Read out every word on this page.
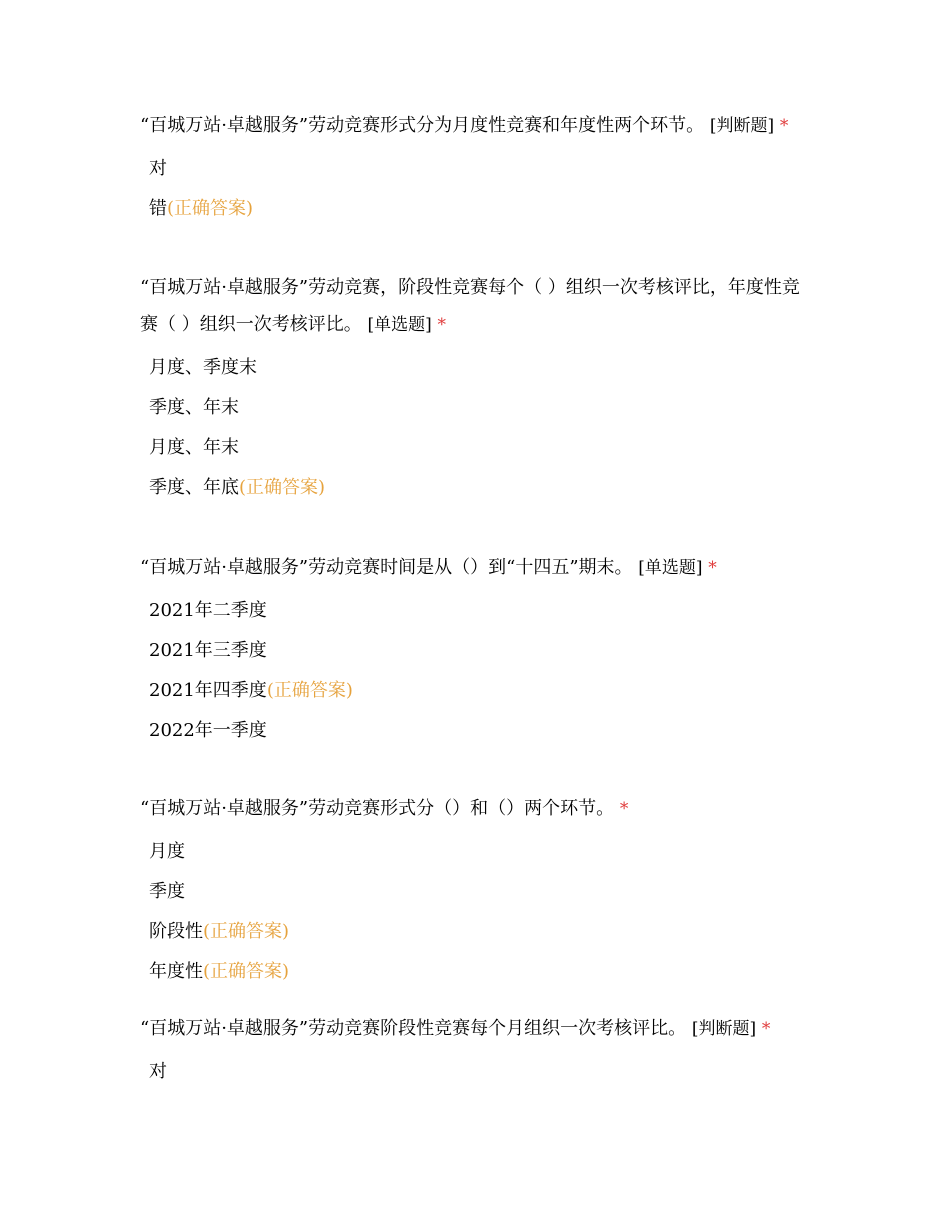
“百城万站·卓越服务”劳动竞赛形式分为月度性竞赛和年度性两个环节。 [判断题] *

对
错(正确答案)

“百城万站·卓越服务”劳动竞赛，阶段性竞赛每个（ ）组织一次考核评比，年度性竞赛（ ）组织一次考核评比。 [单选题] *

月度、季度末
季度、年末
月度、年末
季度、年底(正确答案)

“百城万站·卓越服务”劳动竞赛时间是从（）到“十四五”期末。 [单选题] *

2021年二季度
2021年三季度
2021年四季度(正确答案)
2022年一季度

“百城万站·卓越服务”劳动竞赛形式分（）和（）两个环节。 *

月度
季度
阶段性(正确答案)
年度性(正确答案)

“百城万站·卓越服务”劳动竞赛阶段性竞赛每个月组织一次考核评比。 [判断题] *

对
